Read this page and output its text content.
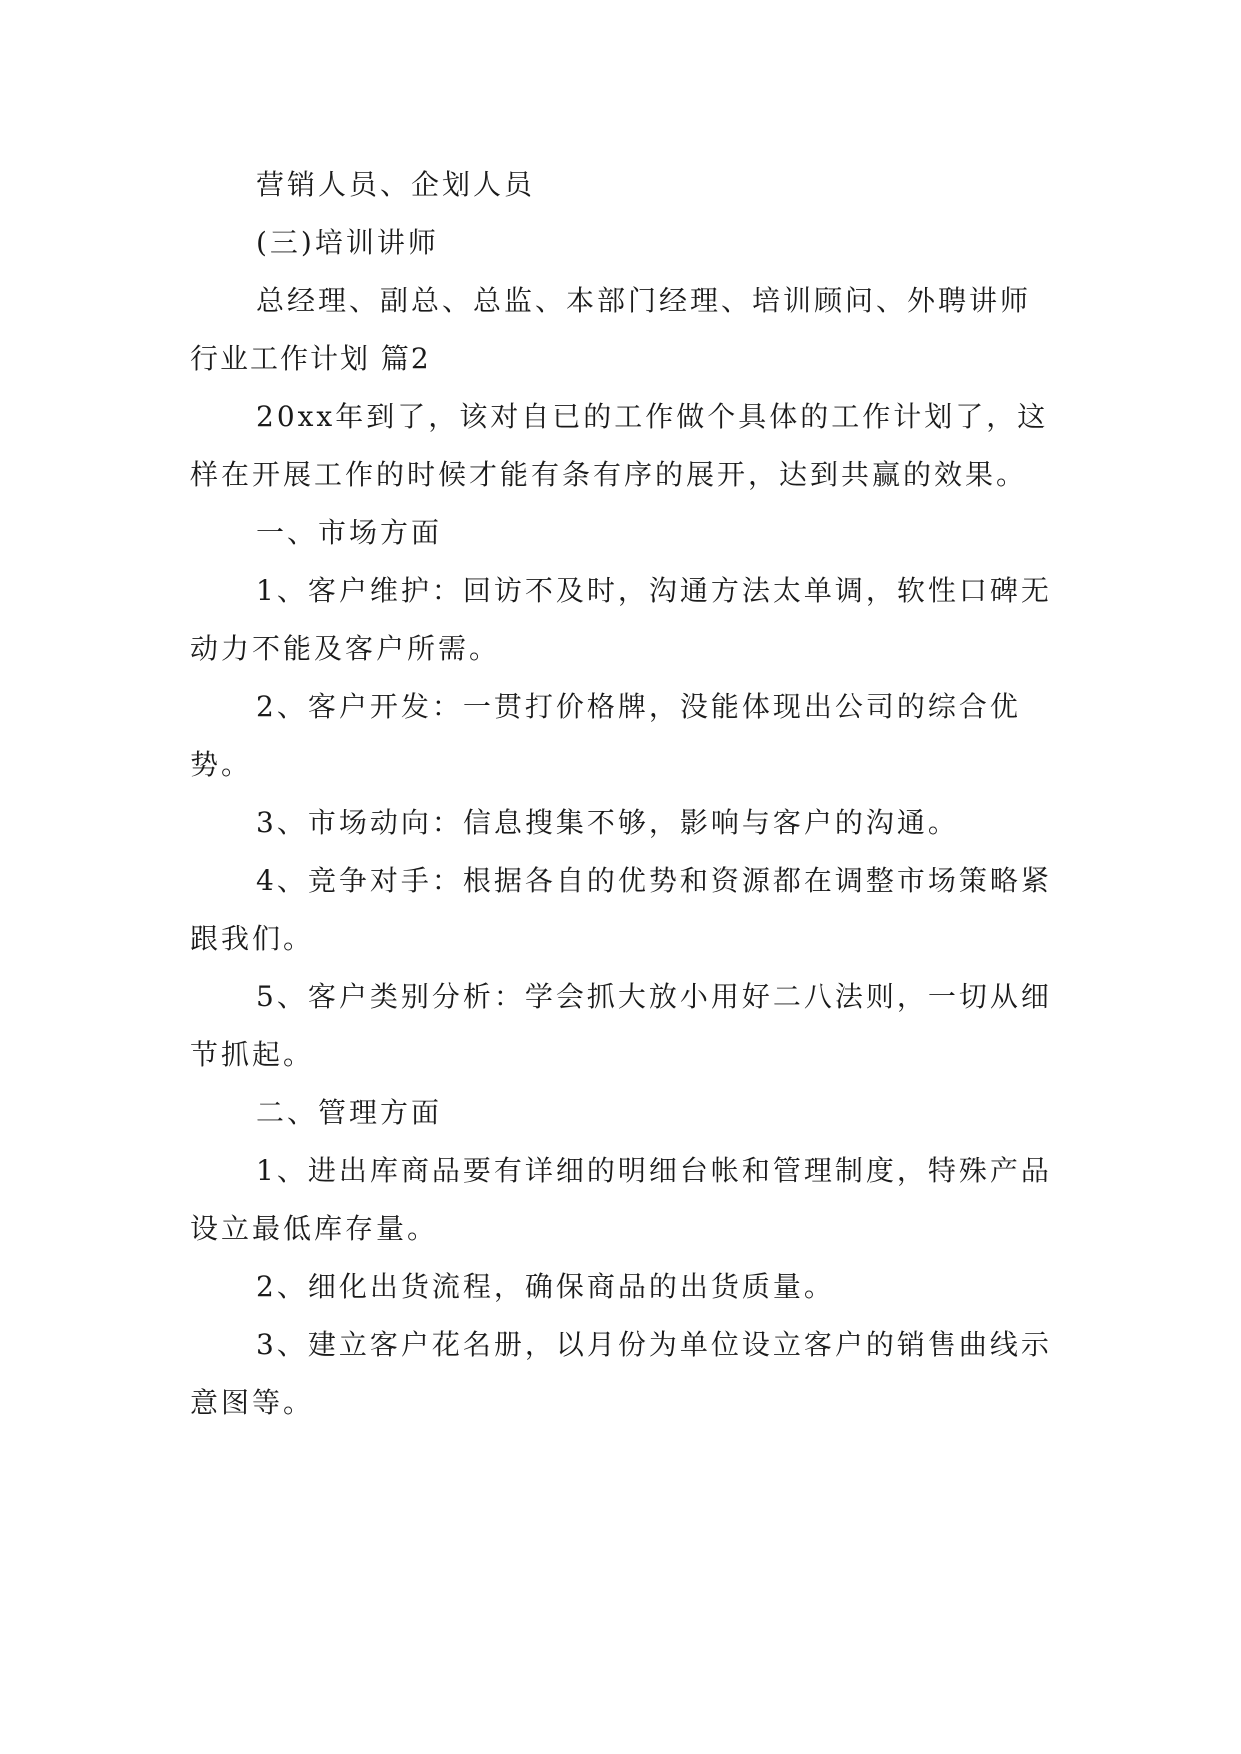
营销人员、企划人员

(三)培训讲师

总经理、副总、总监、本部门经理、培训顾问、外聘讲师

行业工作计划 篇2

20xx年到了，该对自已的工作做个具体的工作计划了，这样在开展工作的时候才能有条有序的展开，达到共赢的效果。

一、市场方面

1、客户维护：回访不及时，沟通方法太单调，软性口碑无动力不能及客户所需。

2、客户开发：一贯打价格牌，没能体现出公司的综合优势。

3、市场动向：信息搜集不够，影响与客户的沟通。

4、竞争对手：根据各自的优势和资源都在调整市场策略紧跟我们。

5、客户类别分析：学会抓大放小用好二八法则，一切从细节抓起。

二、管理方面

1、进出库商品要有详细的明细台帐和管理制度，特殊产品设立最低库存量。

2、细化出货流程，确保商品的出货质量。

3、建立客户花名册，以月份为单位设立客户的销售曲线示意图等。
